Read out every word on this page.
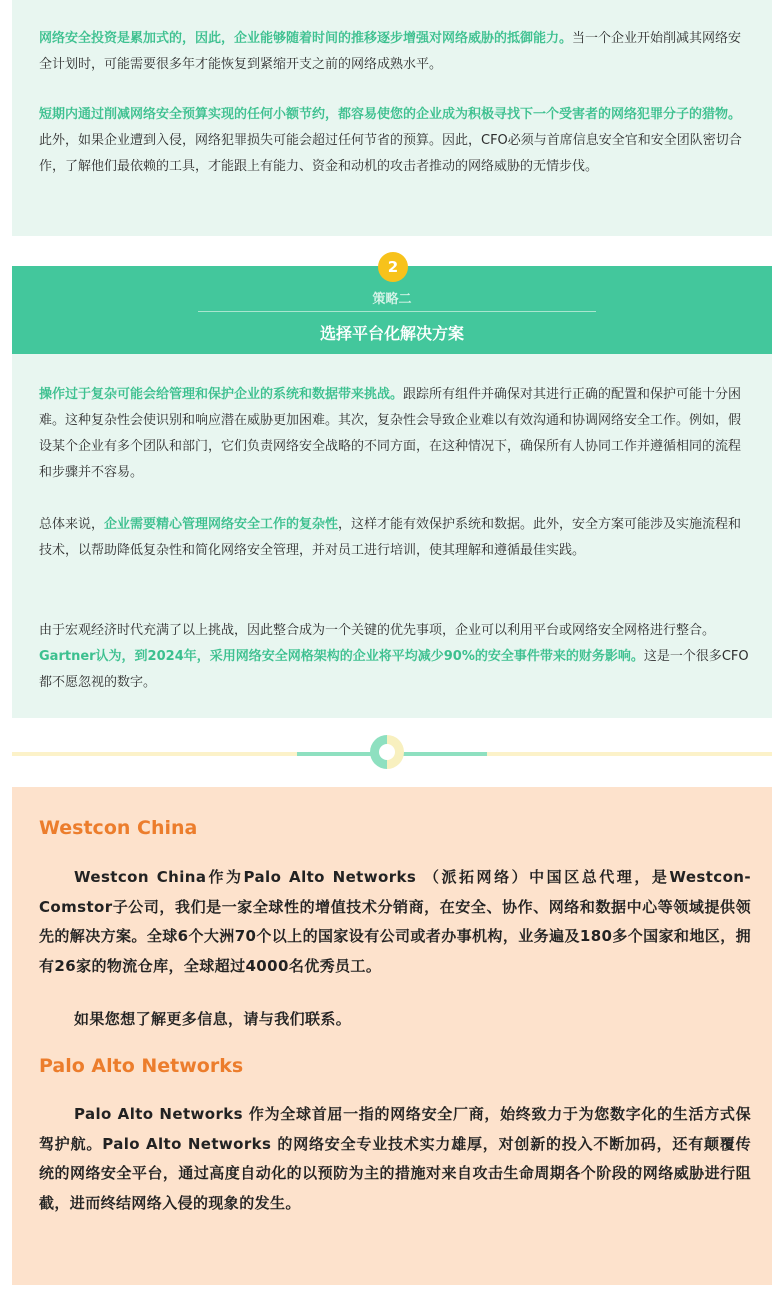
网络安全投资是累加式的，因此，企业能够随着时间的推移逐步增强对网络威胁的抵御能力。当一个企业开始削减其网络安全计划时，可能需要很多年才能恢复到紧缩开支之前的网络成熟水平。

短期内通过削减网络安全预算实现的任何小额节约，都容易使您的企业成为积极寻找下一个受害者的网络犯罪分子的猎物。此外，如果企业遭到入侵，网络犯罪损失可能会超过任何节省的预算。因此，CFO必须与首席信息安全官和安全团队密切合作，了解他们最依赖的工具，才能跟上有能力、资金和动机的攻击者推动的网络威胁的无情步伐。

策略二
选择平台化解决方案
2

操作过于复杂可能会给管理和保护企业的系统和数据带来挑战。跟踪所有组件并确保对其进行正确的配置和保护可能十分困难。这种复杂性会使识别和响应潜在威胁更加困难。其次，复杂性会导致企业难以有效沟通和协调网络安全工作。例如，假设某个企业有多个团队和部门，它们负责网络安全战略的不同方面，在这种情况下，确保所有人协同工作并遵循相同的流程和步骤并不容易。

总体来说，企业需要精心管理网络安全工作的复杂性，这样才能有效保护系统和数据。此外，安全方案可能涉及实施流程和技术，以帮助降低复杂性和简化网络安全管理，并对员工进行培训，使其理解和遵循最佳实践。

由于宏观经济时代充满了以上挑战，因此整合成为一个关键的优先事项，企业可以利用平台或网络安全网格进行整合。Gartner认为，到2024年，采用网络安全网格架构的企业将平均减少90%的安全事件带来的财务影响。这是一个很多CFO都不愿忽视的数字。

Westcon China

Westcon China作为Palo Alto Networks （派拓网络）中国区总代理，是Westcon-Comstor子公司，我们是一家全球性的增值技术分销商，在安全、协作、网络和数据中心等领域提供领先的解决方案。全球6个大洲70个以上的国家设有公司或者办事机构，业务遍及180多个国家和地区，拥有26家的物流仓库，全球超过4000名优秀员工。

如果您想了解更多信息，请与我们联系。

Palo Alto Networks

Palo Alto Networks 作为全球首屈一指的网络安全厂商，始终致力于为您数字化的生活方式保驾护航。Palo Alto Networks 的网络安全专业技术实力雄厚，对创新的投入不断加码，还有颠覆传统的网络安全平台，通过高度自动化的以预防为主的措施对来自攻击生命周期各个阶段的网络威胁进行阻截，进而终结网络入侵的现象的发生。
